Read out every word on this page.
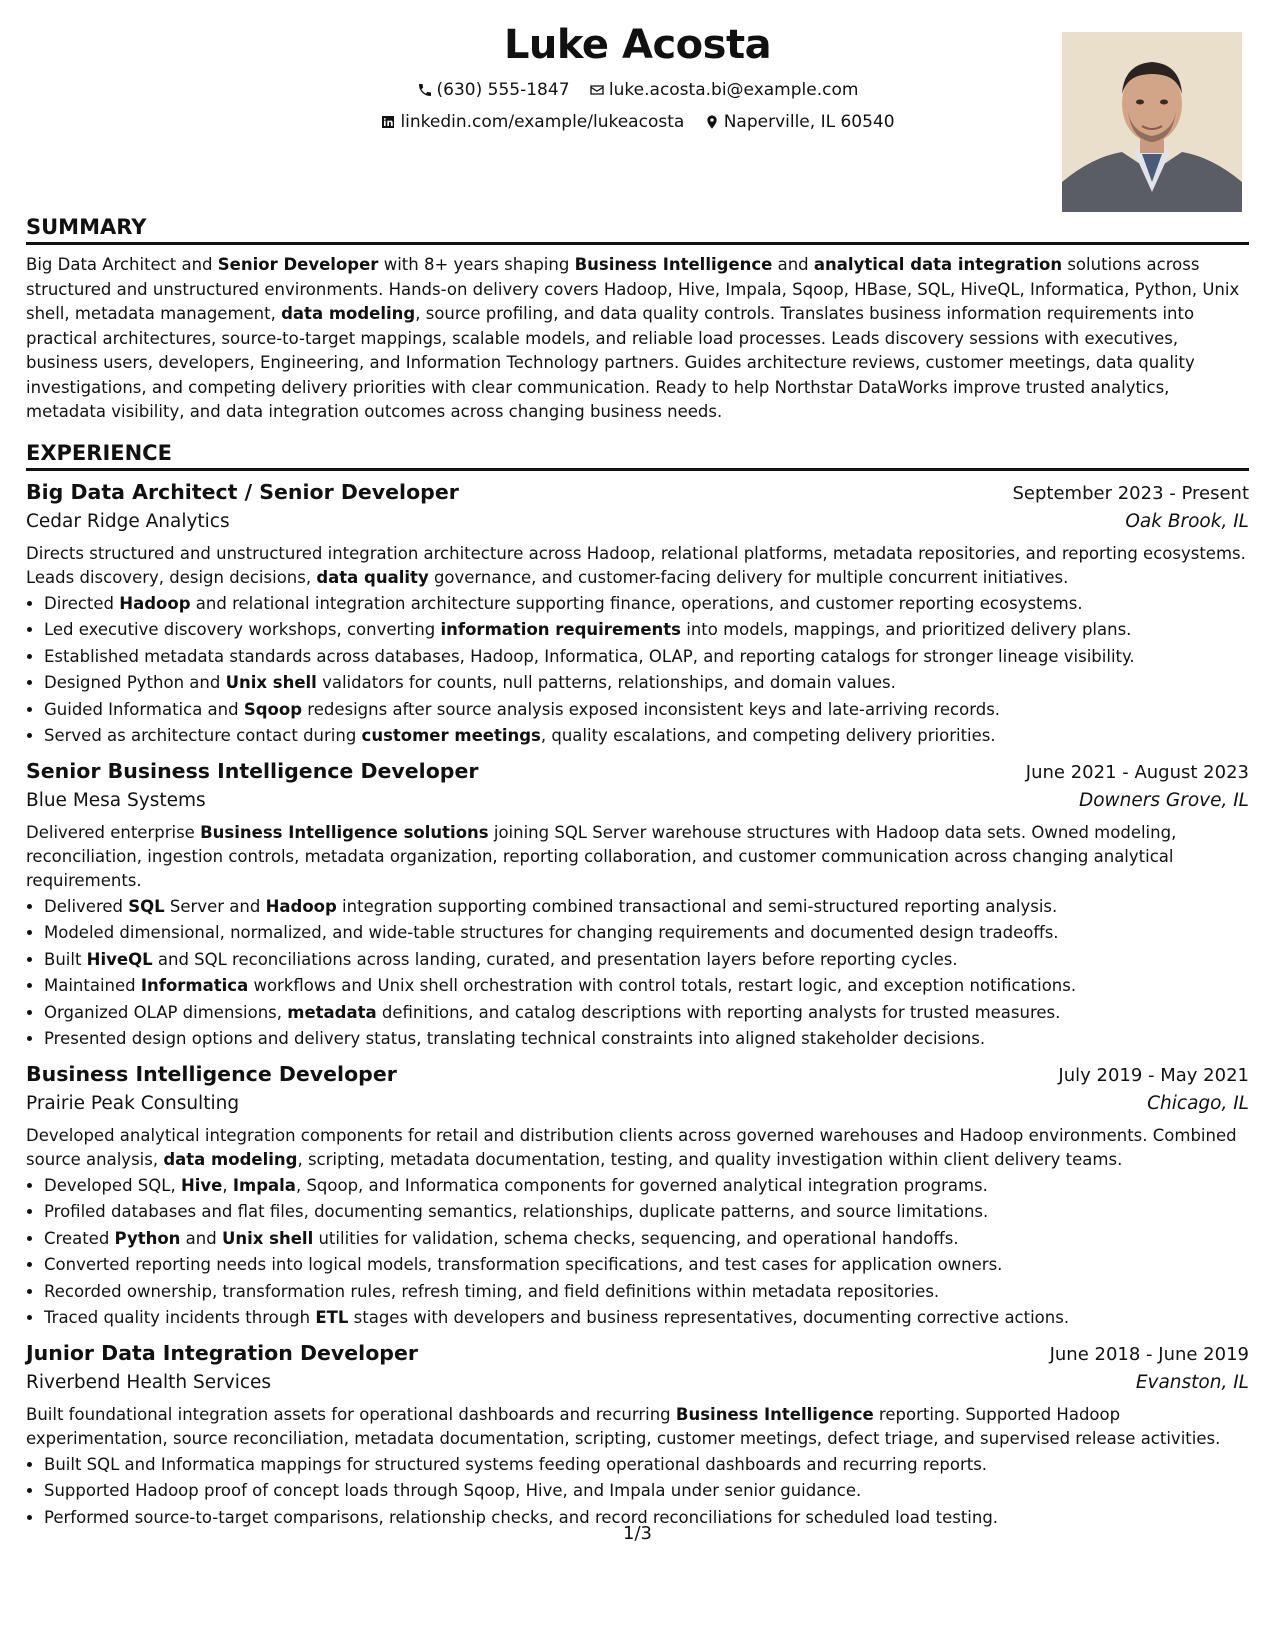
Luke Acosta
(630) 555-1847
luke.acosta.bi@example.com
linkedin.com/example/lukeacosta
Naperville, IL 60540
SUMMARY

Big Data Architect and Senior Developer with 8+ years shaping Business Intelligence and analytical data integration solutions across structured and unstructured environments. Hands-on delivery covers Hadoop, Hive, Impala, Sqoop, HBase, SQL, HiveQL, Informatica, Python, Unix shell, metadata management, data modeling, source profiling, and data quality controls. Translates business information requirements into practical architectures, source-to-target mappings, scalable models, and reliable load processes. Leads discovery sessions with executives, business users, developers, Engineering, and Information Technology partners. Guides architecture reviews, customer meetings, data quality investigations, and competing delivery priorities with clear communication. Ready to help Northstar DataWorks improve trusted analytics, metadata visibility, and data integration outcomes across changing business needs.

EXPERIENCE
Big Data Architect / Senior Developer	September 2023 - Present
Cedar Ridge Analytics	Oak Brook, IL

Directs structured and unstructured integration architecture across Hadoop, relational platforms, metadata repositories, and reporting ecosystems. Leads discovery, design decisions, data quality governance, and customer-facing delivery for multiple concurrent initiatives.

• Directed Hadoop and relational integration architecture supporting finance, operations, and customer reporting ecosystems.
• Led executive discovery workshops, converting information requirements into models, mappings, and prioritized delivery plans.
• Established metadata standards across databases, Hadoop, Informatica, OLAP, and reporting catalogs for stronger lineage visibility.
• Designed Python and Unix shell validators for counts, null patterns, relationships, and domain values.
• Guided Informatica and Sqoop redesigns after source analysis exposed inconsistent keys and late-arriving records.
• Served as architecture contact during customer meetings, quality escalations, and competing delivery priorities.
Senior Business Intelligence Developer	June 2021 - August 2023
Blue Mesa Systems	Downers Grove, IL

Delivered enterprise Business Intelligence solutions joining SQL Server warehouse structures with Hadoop data sets. Owned modeling, reconciliation, ingestion controls, metadata organization, reporting collaboration, and customer communication across changing analytical requirements.

• Delivered SQL Server and Hadoop integration supporting combined transactional and semi-structured reporting analysis.
• Modeled dimensional, normalized, and wide-table structures for changing requirements and documented design tradeoffs.
• Built HiveQL and SQL reconciliations across landing, curated, and presentation layers before reporting cycles.
• Maintained Informatica workflows and Unix shell orchestration with control totals, restart logic, and exception notifications.
• Organized OLAP dimensions, metadata definitions, and catalog descriptions with reporting analysts for trusted measures.
• Presented design options and delivery status, translating technical constraints into aligned stakeholder decisions.
Business Intelligence Developer	July 2019 - May 2021
Prairie Peak Consulting	Chicago, IL

Developed analytical integration components for retail and distribution clients across governed warehouses and Hadoop environments. Combined source analysis, data modeling, scripting, metadata documentation, testing, and quality investigation within client delivery teams.

• Developed SQL, Hive, Impala, Sqoop, and Informatica components for governed analytical integration programs.
• Profiled databases and flat files, documenting semantics, relationships, duplicate patterns, and source limitations.
• Created Python and Unix shell utilities for validation, schema checks, sequencing, and operational handoffs.
• Converted reporting needs into logical models, transformation specifications, and test cases for application owners.
• Recorded ownership, transformation rules, refresh timing, and field definitions within metadata repositories.
• Traced quality incidents through ETL stages with developers and business representatives, documenting corrective actions.
Junior Data Integration Developer	June 2018 - June 2019
Riverbend Health Services	Evanston, IL

Built foundational integration assets for operational dashboards and recurring Business Intelligence reporting. Supported Hadoop experimentation, source reconciliation, metadata documentation, scripting, customer meetings, defect triage, and supervised release activities.

• Built SQL and Informatica mappings for structured systems feeding operational dashboards and recurring reports.
• Supported Hadoop proof of concept loads through Sqoop, Hive, and Impala under senior guidance.
• Performed source-to-target comparisons, relationship checks, and record reconciliations for scheduled load testing.
1/3
